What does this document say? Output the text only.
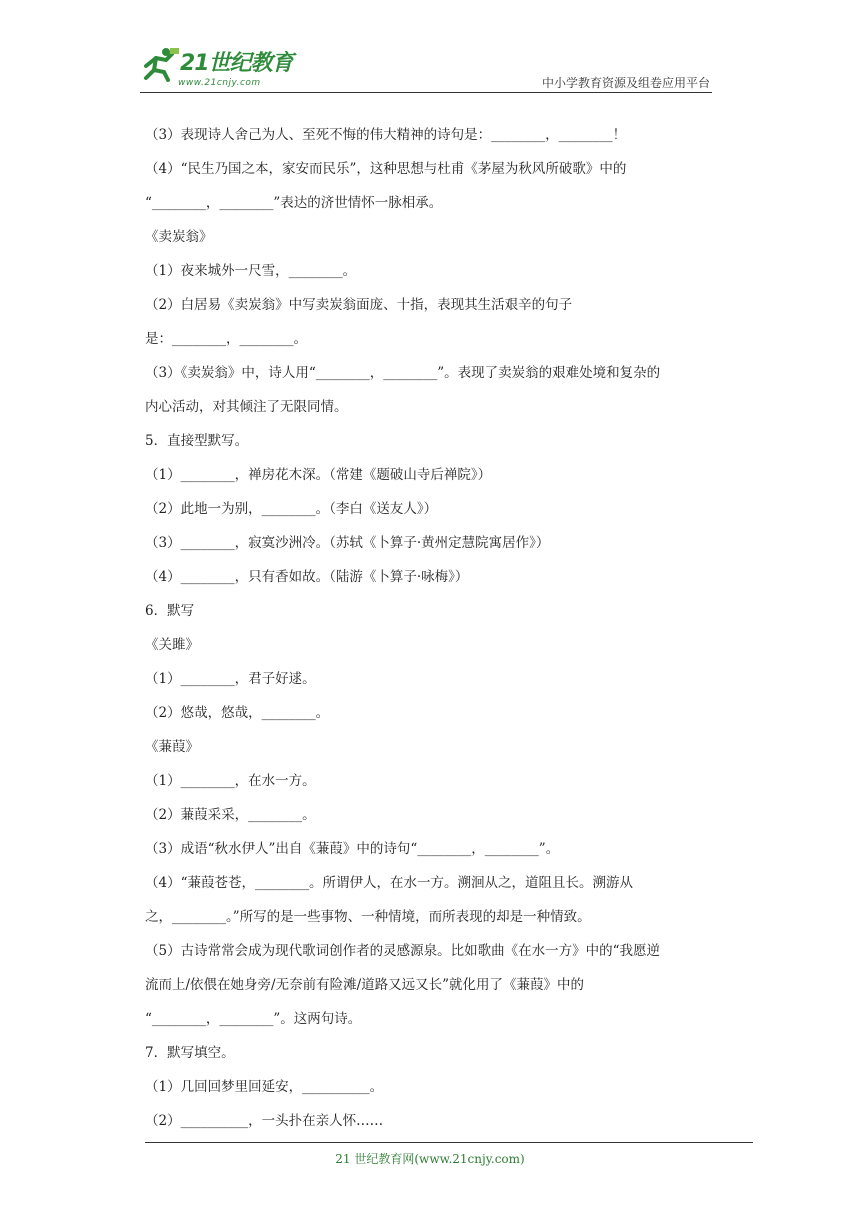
21世纪教育
www.21cnjy.com	中小学教育资源及组卷应用平台
（3）表现诗人舍己为人、至死不悔的伟大精神的诗句是：________，________！
（4）“民生乃国之本，家安而民乐”，这种思想与杜甫《茅屋为秋风所破歌》中的
“________，________”表达的济世情怀一脉相承。
《卖炭翁》
（1）夜来城外一尺雪，________。
（2）白居易《卖炭翁》中写卖炭翁面庞、十指，表现其生活艰辛的句子
是：________，________。
（3）《卖炭翁》中，诗人用“________，________”。表现了卖炭翁的艰难处境和复杂的
内心活动，对其倾注了无限同情。
5．直接型默写。
（1）________，禅房花木深。（常建《题破山寺后禅院》）
（2）此地一为别，________。（李白《送友人》）
（3）________，寂寞沙洲冷。（苏轼《卜算子·黄州定慧院寓居作》）
（4）________，只有香如故。（陆游《卜算子·咏梅》）
6．默写
《关雎》
（1）________，君子好逑。
（2）悠哉，悠哉，________。
《蒹葭》
（1）________，在水一方。
（2）蒹葭采采，________。
（3）成语“秋水伊人”出自《蒹葭》中的诗句“________，________”。
（4）“蒹葭苍苍，________。所谓伊人，在水一方。溯洄从之，道阻且长。溯游从
之，________。”所写的是一些事物、一种情境，而所表现的却是一种情致。
（5）古诗常常会成为现代歌词创作者的灵感源泉。比如歌曲《在水一方》中的“我愿逆
流而上/依偎在她身旁/无奈前有险滩/道路又远又长”就化用了《蒹葭》中的
“________，________”。这两句诗。
7．默写填空。
（1）几回回梦里回延安，__________。
（2）__________，一头扑在亲人怀……
21 世纪教育网(www.21cnjy.com)
